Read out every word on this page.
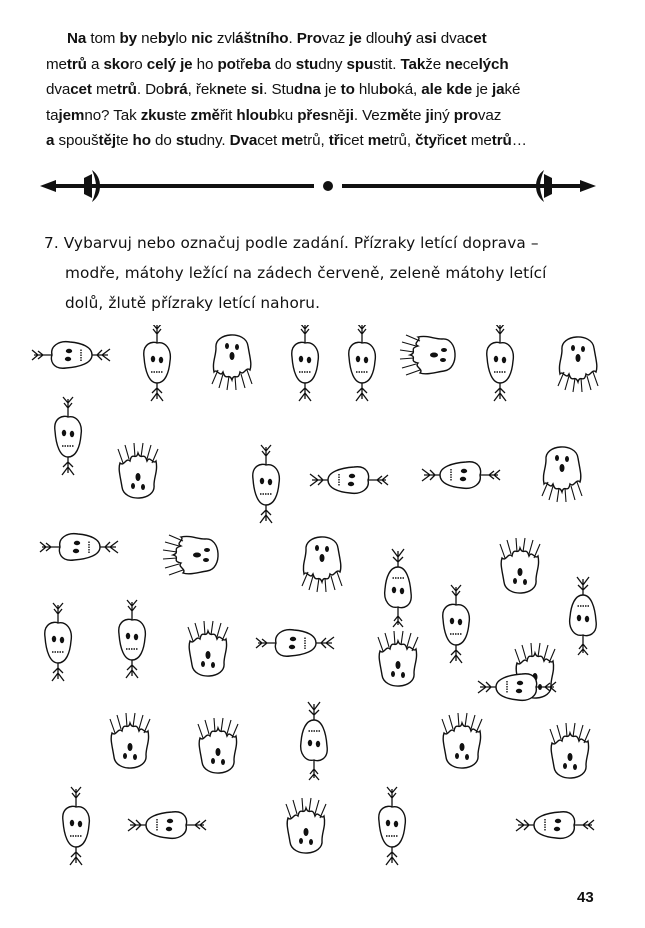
Na tom by nebylo nic zvláštního. Provaz je dlouhý asi dvacet
metrů a skoro celý je ho potřeba do studny spustit. Takže necelých
dvacet metrů. Dobrá, řeknete si. Studna je to hluboká, ale kde je jaké
tajemno? Tak zkuste změřit hloubku přesněji. Vezměte jiný provaz
a spouštějte ho do studny. Dvacet metrů, třicet metrů, čtyřicet metrů…
7. Vybarvuj nebo označuj podle zadání. Přízraky letící doprava –
modře, mátohy ležící na zádech červeně, zeleně mátohy letící
dolů, žlutě přízraky letící nahoru.
43
